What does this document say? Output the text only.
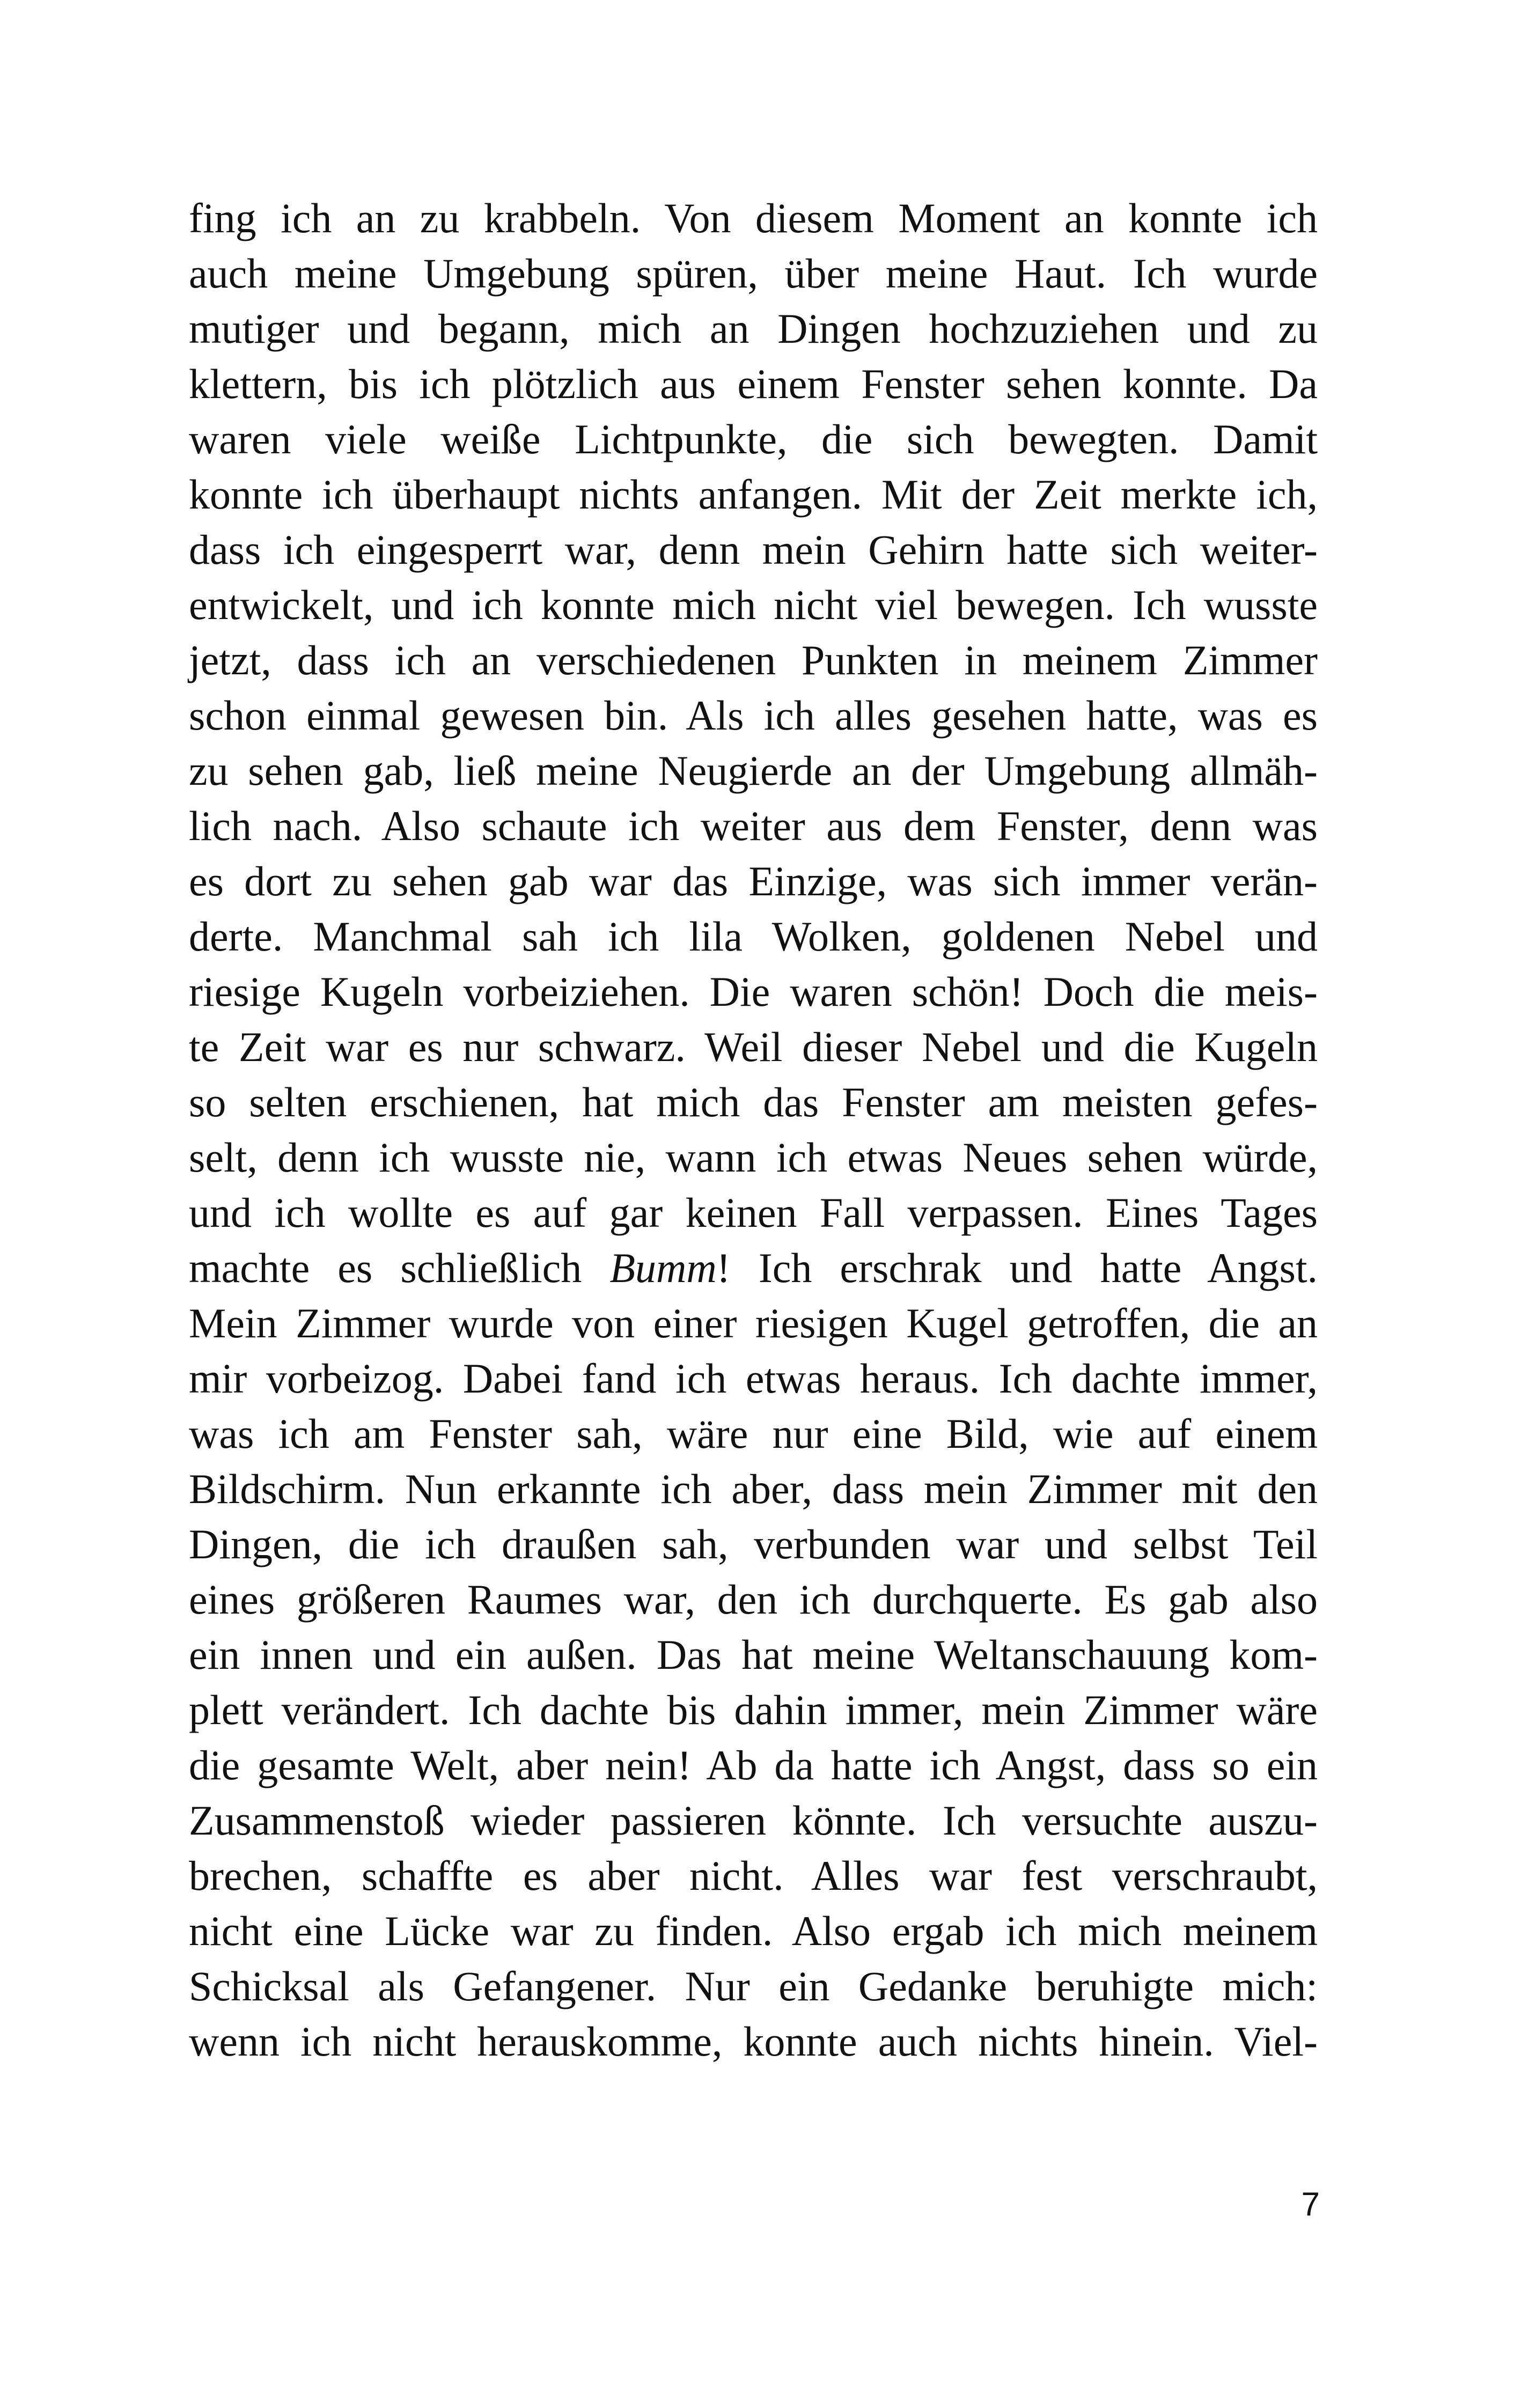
fing ich an zu krabbeln. Von diesem Moment an konnte ich
auch meine Umgebung spüren, über meine Haut. Ich wurde
mutiger und begann, mich an Dingen hochzuziehen und zu
klettern, bis ich plötzlich aus einem Fenster sehen konnte. Da
waren viele weiße Lichtpunkte, die sich bewegten. Damit
konnte ich überhaupt nichts anfangen. Mit der Zeit merkte ich,
dass ich eingesperrt war, denn mein Gehirn hatte sich weiter-
entwickelt, und ich konnte mich nicht viel bewegen. Ich wusste
jetzt, dass ich an verschiedenen Punkten in meinem Zimmer
schon einmal gewesen bin. Als ich alles gesehen hatte, was es
zu sehen gab, ließ meine Neugierde an der Umgebung allmäh-
lich nach. Also schaute ich weiter aus dem Fenster, denn was
es dort zu sehen gab war das Einzige, was sich immer verän-
derte. Manchmal sah ich lila Wolken, goldenen Nebel und
riesige Kugeln vorbeiziehen. Die waren schön! Doch die meis-
te Zeit war es nur schwarz. Weil dieser Nebel und die Kugeln
so selten erschienen, hat mich das Fenster am meisten gefes-
selt, denn ich wusste nie, wann ich etwas Neues sehen würde,
und ich wollte es auf gar keinen Fall verpassen. Eines Tages
machte es schließlich Bumm! Ich erschrak und hatte Angst.
Mein Zimmer wurde von einer riesigen Kugel getroffen, die an
mir vorbeizog. Dabei fand ich etwas heraus. Ich dachte immer,
was ich am Fenster sah, wäre nur eine Bild, wie auf einem
Bildschirm. Nun erkannte ich aber, dass mein Zimmer mit den
Dingen, die ich draußen sah, verbunden war und selbst Teil
eines größeren Raumes war, den ich durchquerte. Es gab also
ein innen und ein außen. Das hat meine Weltanschauung kom-
plett verändert. Ich dachte bis dahin immer, mein Zimmer wäre
die gesamte Welt, aber nein! Ab da hatte ich Angst, dass so ein
Zusammenstoß wieder passieren könnte. Ich versuchte auszu-
brechen, schaffte es aber nicht. Alles war fest verschraubt,
nicht eine Lücke war zu finden. Also ergab ich mich meinem
Schicksal als Gefangener. Nur ein Gedanke beruhigte mich:
wenn ich nicht herauskomme, konnte auch nichts hinein. Viel-
7
